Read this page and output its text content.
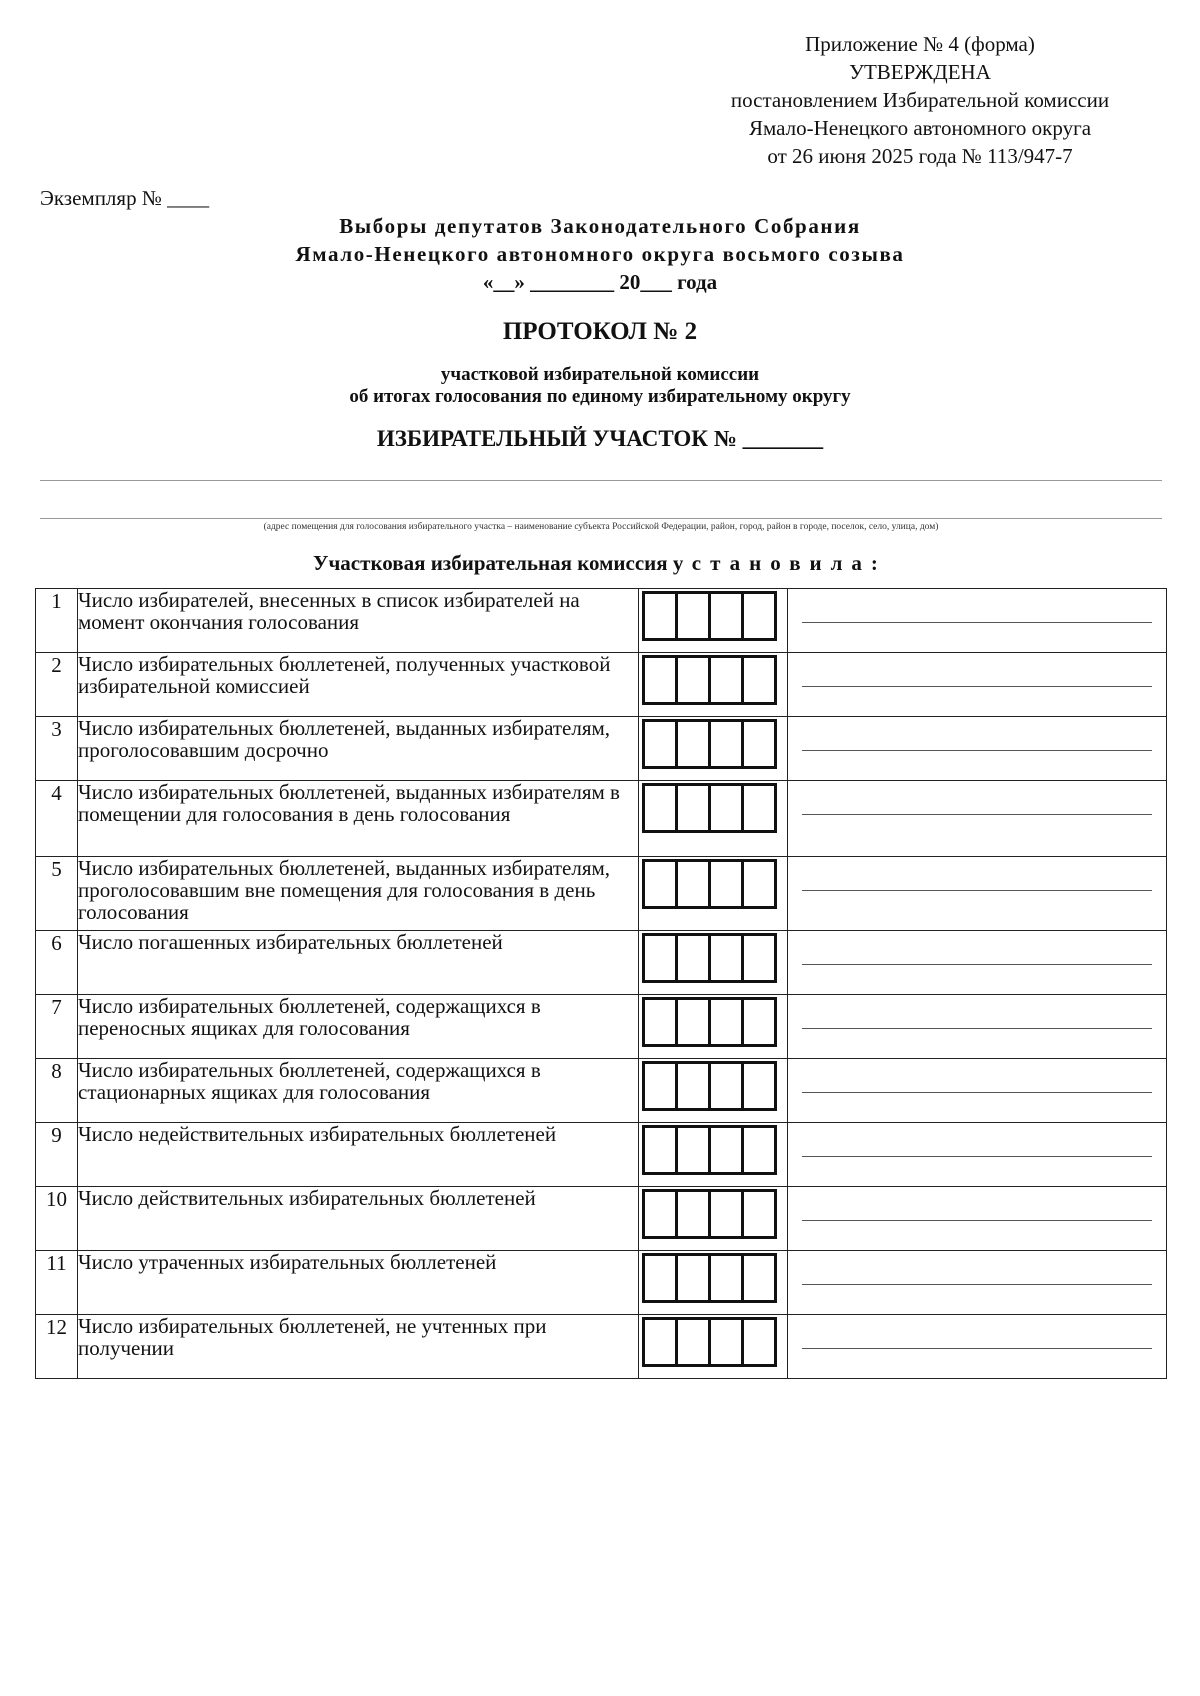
Приложение № 4 (форма)
УТВЕРЖДЕНА
постановлением Избирательной комиссии
Ямало-Ненецкого автономного округа
от 26 июня 2025 года № 113/947-7
Экземпляр № ____
Выборы депутатов Законодательного Собрания
Ямало-Ненецкого автономного округа восьмого созыва
«__» ________ 20___ года
ПРОТОКОЛ № 2
участковой избирательной комиссии
об итогах голосования по единому избирательному округу
ИЗБИРАТЕЛЬНЫЙ УЧАСТОК № _______
(адрес помещения для голосования избирательного участка – наименование субъекта Российской Федерации, район, город, район в городе, поселок, село, улица, дом)
Участковая избирательная комиссия установила:
1	Число избирателей, внесенных в список избирателей на момент окончания голосования	

2	Число избирательных бюллетеней, полученных участковой избирательной комиссией	

3	Число избирательных бюллетеней, выданных избирателям, проголосовавшим досрочно	

4	Число избирательных бюллетеней, выданных избирателям в помещении для голосования в день голосования	

5	Число избирательных бюллетеней, выданных избирателям, проголосовавшим вне помещения для голосования в день голосования	

6	Число погашенных избирательных бюллетеней	

7	Число избирательных бюллетеней, содержащихся в переносных ящиках для голосования	

8	Число избирательных бюллетеней, содержащихся в стационарных ящиках для голосования	

9	Число недействительных избирательных бюллетеней	

10	Число действительных избирательных бюллетеней	

11	Число утраченных избирательных бюллетеней	

12	Число избирательных бюллетеней, не учтенных при получении	
